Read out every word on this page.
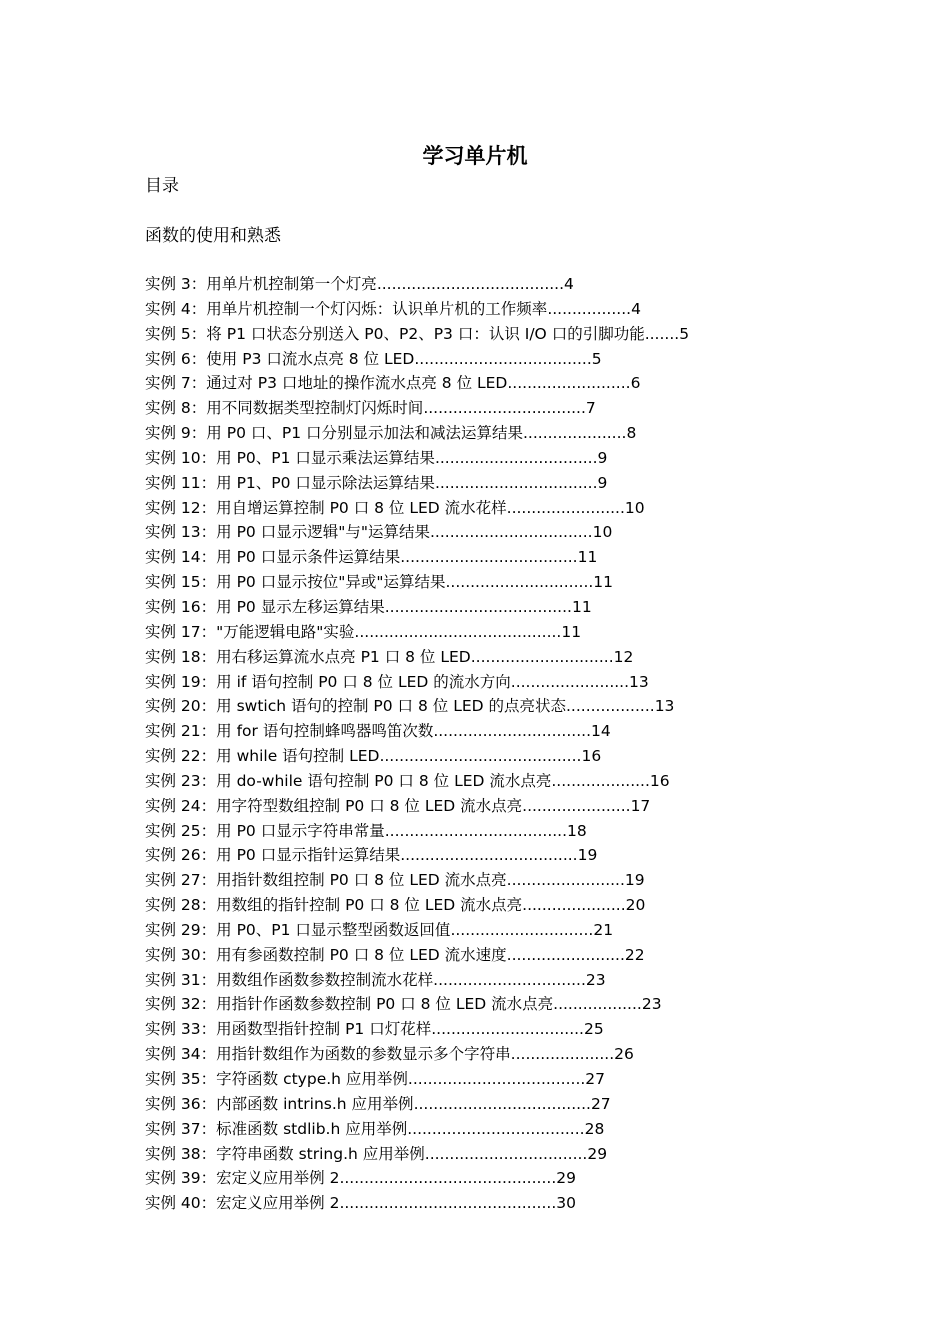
学习单片机
目录
函数的使用和熟悉
实例 3：用单片机控制第一个灯亮......................................4
实例 4：用单片机控制一个灯闪烁：认识单片机的工作频率.................4
实例 5：将 P1 口状态分别送入 P0、P2、P3 口：认识 I/O 口的引脚功能.......5
实例 6：使用 P3 口流水点亮 8 位 LED....................................5
实例 7：通过对 P3 口地址的操作流水点亮 8 位 LED.........................6
实例 8：用不同数据类型控制灯闪烁时间.................................7
实例 9：用 P0 口、P1 口分别显示加法和减法运算结果.....................8
实例 10：用 P0、P1 口显示乘法运算结果.................................9
实例 11：用 P1、P0 口显示除法运算结果.................................9
实例 12：用自增运算控制 P0 口 8 位 LED 流水花样........................10
实例 13：用 P0 口显示逻辑"与"运算结果.................................10
实例 14：用 P0 口显示条件运算结果....................................11
实例 15：用 P0 口显示按位"异或"运算结果..............................11
实例 16：用 P0 显示左移运算结果......................................11
实例 17："万能逻辑电路"实验..........................................11
实例 18：用右移运算流水点亮 P1 口 8 位 LED.............................12
实例 19：用 if 语句控制 P0 口 8 位 LED 的流水方向........................13
实例 20：用 swtich 语句的控制 P0 口 8 位 LED 的点亮状态..................13
实例 21：用 for 语句控制蜂鸣器鸣笛次数................................14
实例 22：用 while 语句控制 LED.........................................16
实例 23：用 do-while 语句控制 P0 口 8 位 LED 流水点亮....................16
实例 24：用字符型数组控制 P0 口 8 位 LED 流水点亮......................17
实例 25：用 P0 口显示字符串常量.....................................18
实例 26：用 P0 口显示指针运算结果....................................19
实例 27：用指针数组控制 P0 口 8 位 LED 流水点亮........................19
实例 28：用数组的指针控制 P0 口 8 位 LED 流水点亮.....................20
实例 29：用 P0、P1 口显示整型函数返回值.............................21
实例 30：用有参函数控制 P0 口 8 位 LED 流水速度........................22
实例 31：用数组作函数参数控制流水花样...............................23
实例 32：用指针作函数参数控制 P0 口 8 位 LED 流水点亮..................23
实例 33：用函数型指针控制 P1 口灯花样...............................25
实例 34：用指针数组作为函数的参数显示多个字符串.....................26
实例 35：字符函数 ctype.h 应用举例....................................27
实例 36：内部函数 intrins.h 应用举例....................................27
实例 37：标准函数 stdlib.h 应用举例....................................28
实例 38：字符串函数 string.h 应用举例.................................29
实例 39：宏定义应用举例 2............................................29
实例 40：宏定义应用举例 2............................................30
